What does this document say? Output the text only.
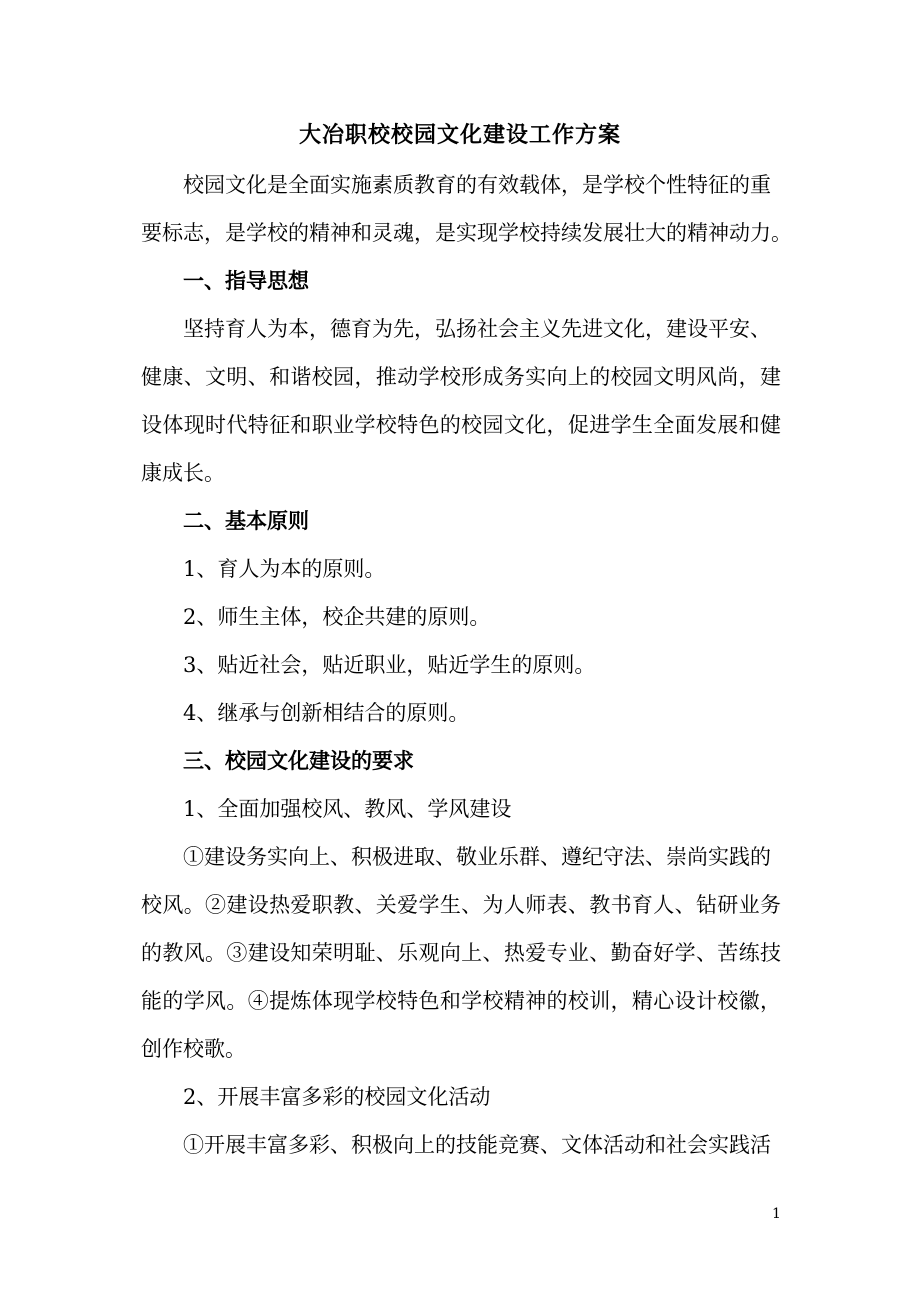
大冶职校校园文化建设工作方案
校园文化是全面实施素质教育的有效载体，是学校个性特征的重
要标志，是学校的精神和灵魂，是实现学校持续发展壮大的精神动力。
一、指导思想
坚持育人为本，德育为先，弘扬社会主义先进文化，建设平安、
健康、文明、和谐校园，推动学校形成务实向上的校园文明风尚，建
设体现时代特征和职业学校特色的校园文化，促进学生全面发展和健
康成长。
二、基本原则
1、育人为本的原则。
2、师生主体，校企共建的原则。
3、贴近社会，贴近职业，贴近学生的原则。
4、继承与创新相结合的原则。
三、校园文化建设的要求
1、全面加强校风、教风、学风建设
①建设务实向上、积极进取、敬业乐群、遵纪守法、崇尚实践的
校风。②建设热爱职教、关爱学生、为人师表、教书育人、钻研业务
的教风。③建设知荣明耻、乐观向上、热爱专业、勤奋好学、苦练技
能的学风。④提炼体现学校特色和学校精神的校训，精心设计校徽，
创作校歌。
2、开展丰富多彩的校园文化活动
①开展丰富多彩、积极向上的技能竞赛、文体活动和社会实践活
1
